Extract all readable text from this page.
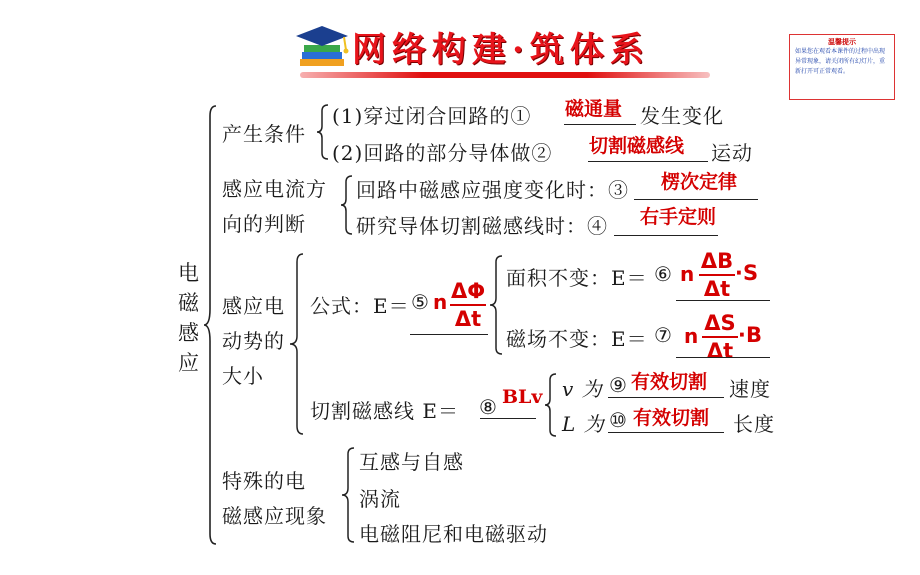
网络构建·筑体系	温馨提示
如果您在观看本课件的过程中出现异常现象，请关闭所有幻灯片，重新打开可正常观看。
电磁感应
产生条件
(1)穿过闭合回路的① 磁通量 发生变化
(2)回路的部分导体做② 切割磁感线 运动
感应电流方
向的判断
回路中磁感应强度变化时：③ 楞次定律
研究导体切割磁感线时：④ 右手定则
感应电
动势的
大小
公式：E＝ ⑤ n ΔΦ
Δt
面积不变：E＝ ⑥ n
ΔB
Δt
⋅S
磁场不变：E＝ ⑦ n
ΔS
Δt
⋅B
切割磁感线 E＝ ⑧ BLv v 为 ⑨ 有效切割 速度
L 为 ⑩ 有效切割 长度
特殊的电
磁感应现象
互感与自感
涡流
电磁阻尼和电磁驱动
